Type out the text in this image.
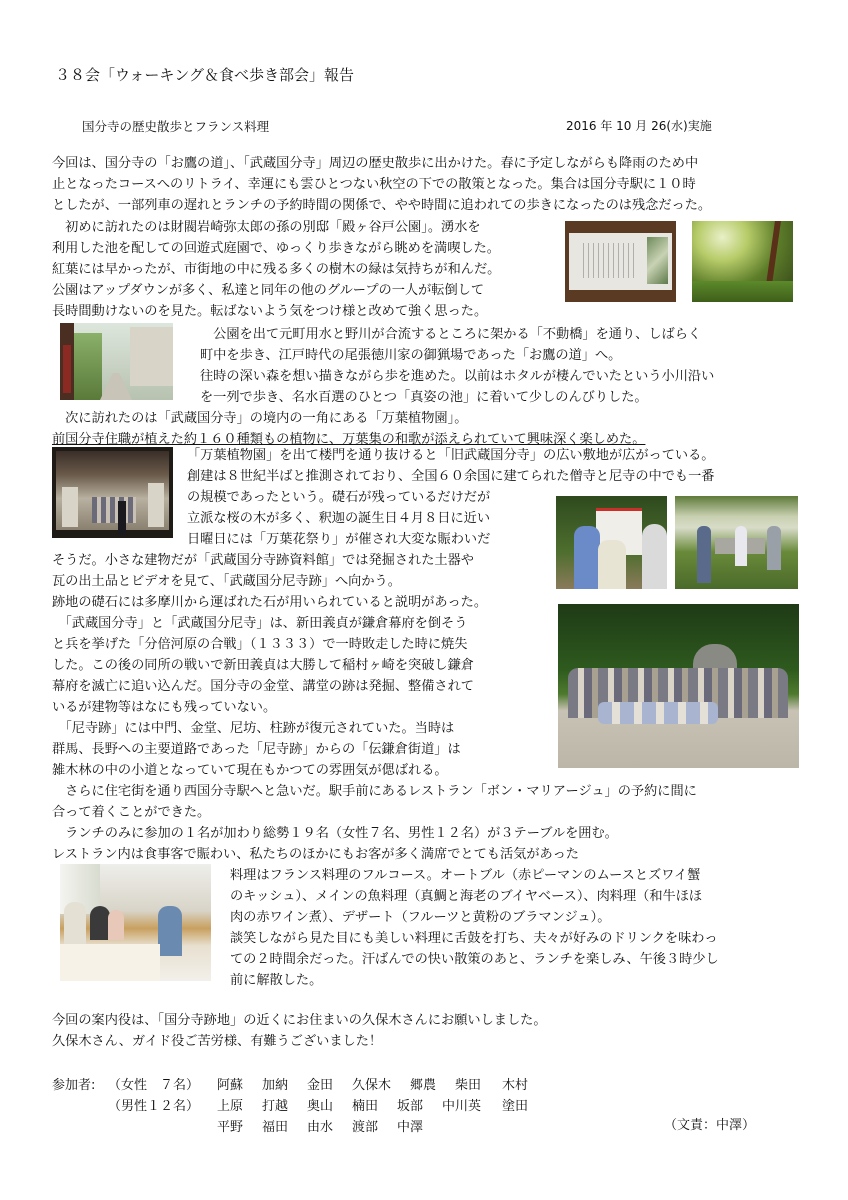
３８会「ウォーキング＆食べ歩き部会」報告
国分寺の歴史散歩とフランス料理	2016 年 10 月 26(水)実施
今回は、国分寺の「お鷹の道」、「武蔵国分寺」周辺の歴史散歩に出かけた。春に予定しながらも降雨のため中
止となったコースへのリトライ、幸運にも雲ひとつない秋空の下での散策となった。集合は国分寺駅に１０時
としたが、一部列車の遅れとランチの予約時間の関係で、やや時間に追われての歩きになったのは残念だった。
　初めに訪れたのは財閥岩崎弥太郎の孫の別邸「殿ヶ谷戸公園」。湧水を
利用した池を配しての回遊式庭園で、ゆっくり歩きながら眺めを満喫した。
紅葉には早かったが、市街地の中に残る多くの樹木の緑は気持ちが和んだ。
公園はアップダウンが多く、私達と同年の他のグループの一人が転倒して
長時間動けないのを見た。転ばないよう気をつけ様と改めて強く思った。
　公園を出て元町用水と野川が合流するところに架かる「不動橋」を通り、しばらく
町中を歩き、江戸時代の尾張徳川家の御猟場であった「お鷹の道」へ。
往時の深い森を想い描きながら歩を進めた。以前はホタルが棲んでいたという小川沿い
を一列で歩き、名水百選のひとつ「真姿の池」に着いて少しのんびりした。
　次に訪れたのは「武蔵国分寺」の境内の一角にある「万葉植物園」。
前国分寺住職が植えた約１６０種類もの植物に、万葉集の和歌が添えられていて興味深く楽しめた。
「万葉植物園」を出て楼門を通り抜けると「旧武蔵国分寺」の広い敷地が広がっている。
創建は８世紀半ばと推測されており、全国６０余国に建てられた僧寺と尼寺の中でも一番
の規模であったという。礎石が残っているだけだが
立派な桜の木が多く、釈迦の誕生日４月８日に近い
日曜日には「万葉花祭り」が催され大変な賑わいだ
そうだ。小さな建物だが「武蔵国分寺跡資料館」では発掘された土器や
瓦の出土品とビデオを見て、「武蔵国分尼寺跡」へ向かう。
跡地の礎石には多摩川から運ばれた石が用いられていると説明があった。
　「武蔵国分寺」と「武蔵国分尼寺」は、新田義貞が鎌倉幕府を倒そう
と兵を挙げた「分倍河原の合戦」（１３３３）で一時敗走した時に焼失
した。この後の同所の戦いで新田義貞は大勝して稲村ヶ崎を突破し鎌倉
幕府を滅亡に追い込んだ。国分寺の金堂、講堂の跡は発掘、整備されて
いるが建物等はなにも残っていない。
　「尼寺跡」には中門、金堂、尼坊、柱跡が復元されていた。当時は
群馬、長野への主要道路であった「尼寺跡」からの「伝鎌倉街道」は
雑木林の中の小道となっていて現在もかつての雰囲気が偲ばれる。
　さらに住宅街を通り西国分寺駅へと急いだ。駅手前にあるレストラン「ボン・マリアージュ」の予約に間に
合って着くことができた。
　ランチのみに参加の１名が加わり総勢１９名（女性７名、男性１２名）が３テーブルを囲む。
レストラン内は食事客で賑わい、私たちのほかにもお客が多く満席でとても活気があった
料理はフランス料理のフルコース。オートブル（赤ピーマンのムースとズワイ蟹
のキッシュ）、メインの魚料理（真鯛と海老のブイヤベース）、肉料理（和牛ほほ
肉の赤ワイン煮）、デザート（フルーツと黄粉のブラマンジュ）。
談笑しながら見た目にも美しい料理に舌鼓を打ち、夫々が好みのドリンクを味わっ
ての２時間余だった。汗ばんでの快い散策のあと、ランチを楽しみ、午後３時少し
前に解散した。
今回の案内役は、「国分寺跡地」の近くにお住まいの久保木さんにお願いしました。
久保木さん、ガイド役ご苦労様、有難うございました！
参加者: （女性　７名）
（男性１２名）
阿蘇 加納 金田 久保木 郷農 柴田 木村
上原 打越 奥山 楠田 坂部 中川英 塗田
平野 福田 由水 渡部 中澤	（文責：中澤）
